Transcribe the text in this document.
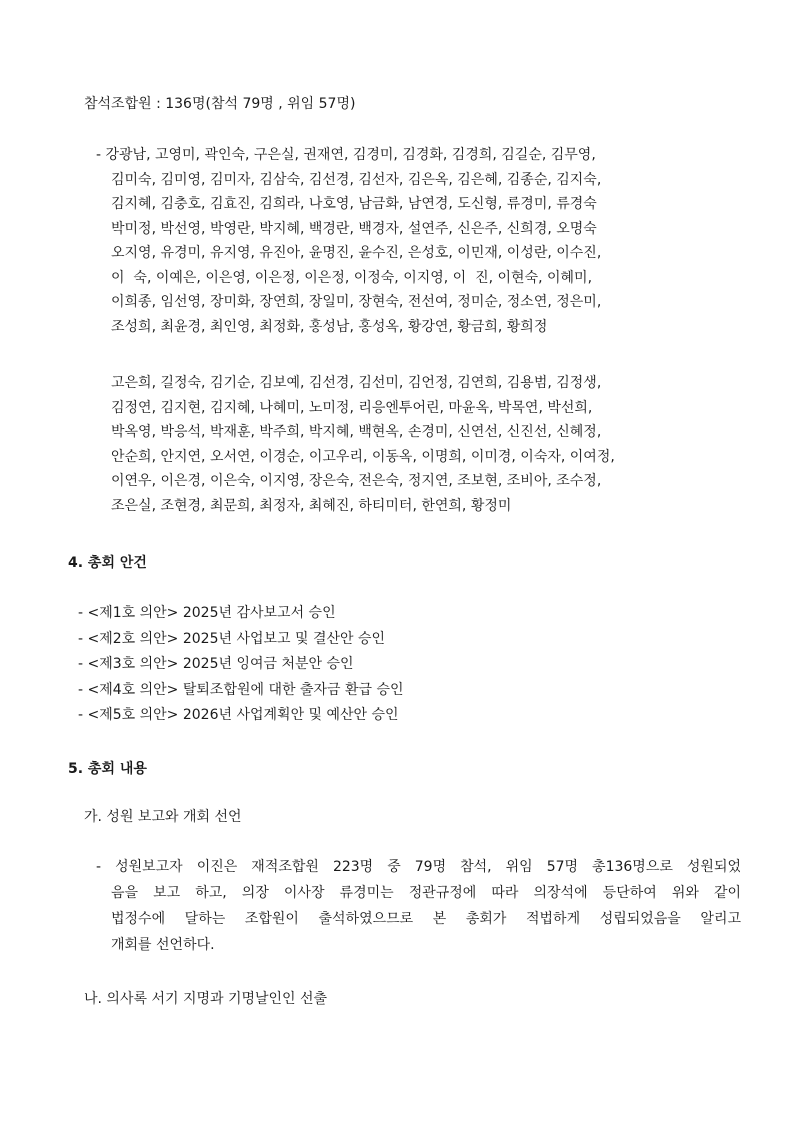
참석조합원 : 136명(참석 79명 , 위임 57명)
- 강광남, 고영미, 곽인숙, 구은실, 권재연, 김경미, 김경화, 김경희, 김길순, 김무영,
김미숙, 김미영, 김미자, 김삼숙, 김선경, 김선자, 김은옥, 김은혜, 김종순, 김지숙,
김지혜, 김충호, 김효진, 김희라, 나호영, 남금화, 남연경, 도신형, 류경미, 류경숙
박미정, 박선영, 박영란, 박지혜, 백경란, 백경자, 설연주, 신은주, 신희경, 오명숙
오지영, 유경미, 유지영, 유진아, 윤명진, 윤수진, 은성호, 이민재, 이성란, 이수진,
이  숙, 이예은, 이은영, 이은정, 이은정, 이정숙, 이지영, 이  진, 이현숙, 이혜미,
이희종, 임선영, 장미화, 장연희, 장일미, 장현숙, 전선여, 정미순, 정소연, 정은미,
조성희, 최윤경, 최인영, 최정화, 홍성남, 홍성옥, 황강연, 황금희, 황희정
고은희, 길정숙, 김기순, 김보예, 김선경, 김선미, 김언정, 김연희, 김용범, 김정생,
김정연, 김지현, 김지혜, 나혜미, 노미정, 리응엔투어린, 마윤옥, 박목연, 박선희,
박옥영, 박응석, 박재훈, 박주희, 박지혜, 백현옥, 손경미, 신연선, 신진선, 신혜정,
안순희, 안지연, 오서연, 이경순, 이고우리, 이동옥, 이명희, 이미경, 이숙자, 이여정,
이연우, 이은경, 이은숙, 이지영, 장은숙, 전은숙, 정지연, 조보현, 조비아, 조수정,
조은실, 조현경, 최문희, 최정자, 최혜진, 하티미터, 한연희, 황정미
4. 총회 안건
- <제1호 의안> 2025년 감사보고서 승인
- <제2호 의안> 2025년 사업보고 및 결산안 승인
- <제3호 의안> 2025년 잉여금 처분안 승인
- <제4호 의안> 탈퇴조합원에 대한 출자금 환급 승인
- <제5호 의안> 2026년 사업계획안 및 예산안 승인
5. 총회 내용
가. 성원 보고와 개회 선언
- 성원보고자 이진은 재적조합원 223명 중 79명 참석, 위임 57명 총136명으로 성원되었
음을 보고 하고, 의장 이사장 류경미는 정관규정에 따라 의장석에 등단하여 위와 같이
법정수에 달하는 조합원이 출석하였으므로 본 총회가 적법하게 성립되었음을 알리고
개회를 선언하다.
나. 의사록 서기 지명과 기명날인인 선출
